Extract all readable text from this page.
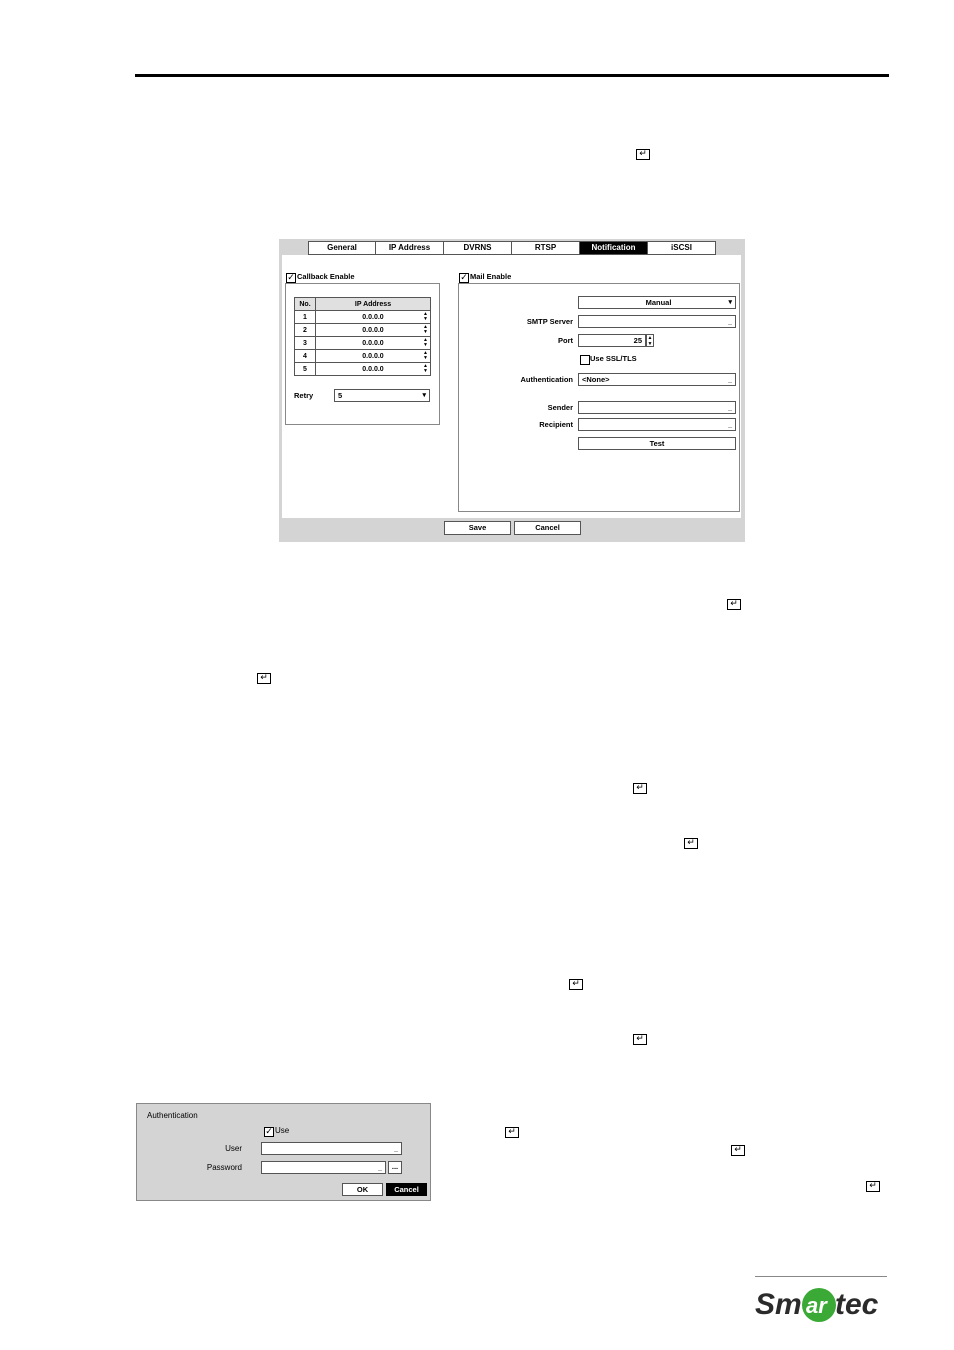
↵
↵
↵
↵
↵
↵
↵
↵
↵
↵
General	IP Address	DVRNS	RTSP	Notification	iSCSI
✓ Callback Enable
No.	IP Address
1	0.0.0.0 ▲
▼

2	0.0.0.0 ▲
▼

3	0.0.0.0 ▲
▼

4	0.0.0.0 ▲
▼

5	0.0.0.0 ▲
▼
Retry	5	▾
✓ Mail Enable
Manual	▾
SMTP Server	_
Port	25	▲
▼
Use SSL/TLS
Authentication	<None>	_
Sender	_
Recipient	_
Test
Save	Cancel
Authentication
✓ Use
User	_
Password	_	...
OK	Cancel
Sm ar tec
